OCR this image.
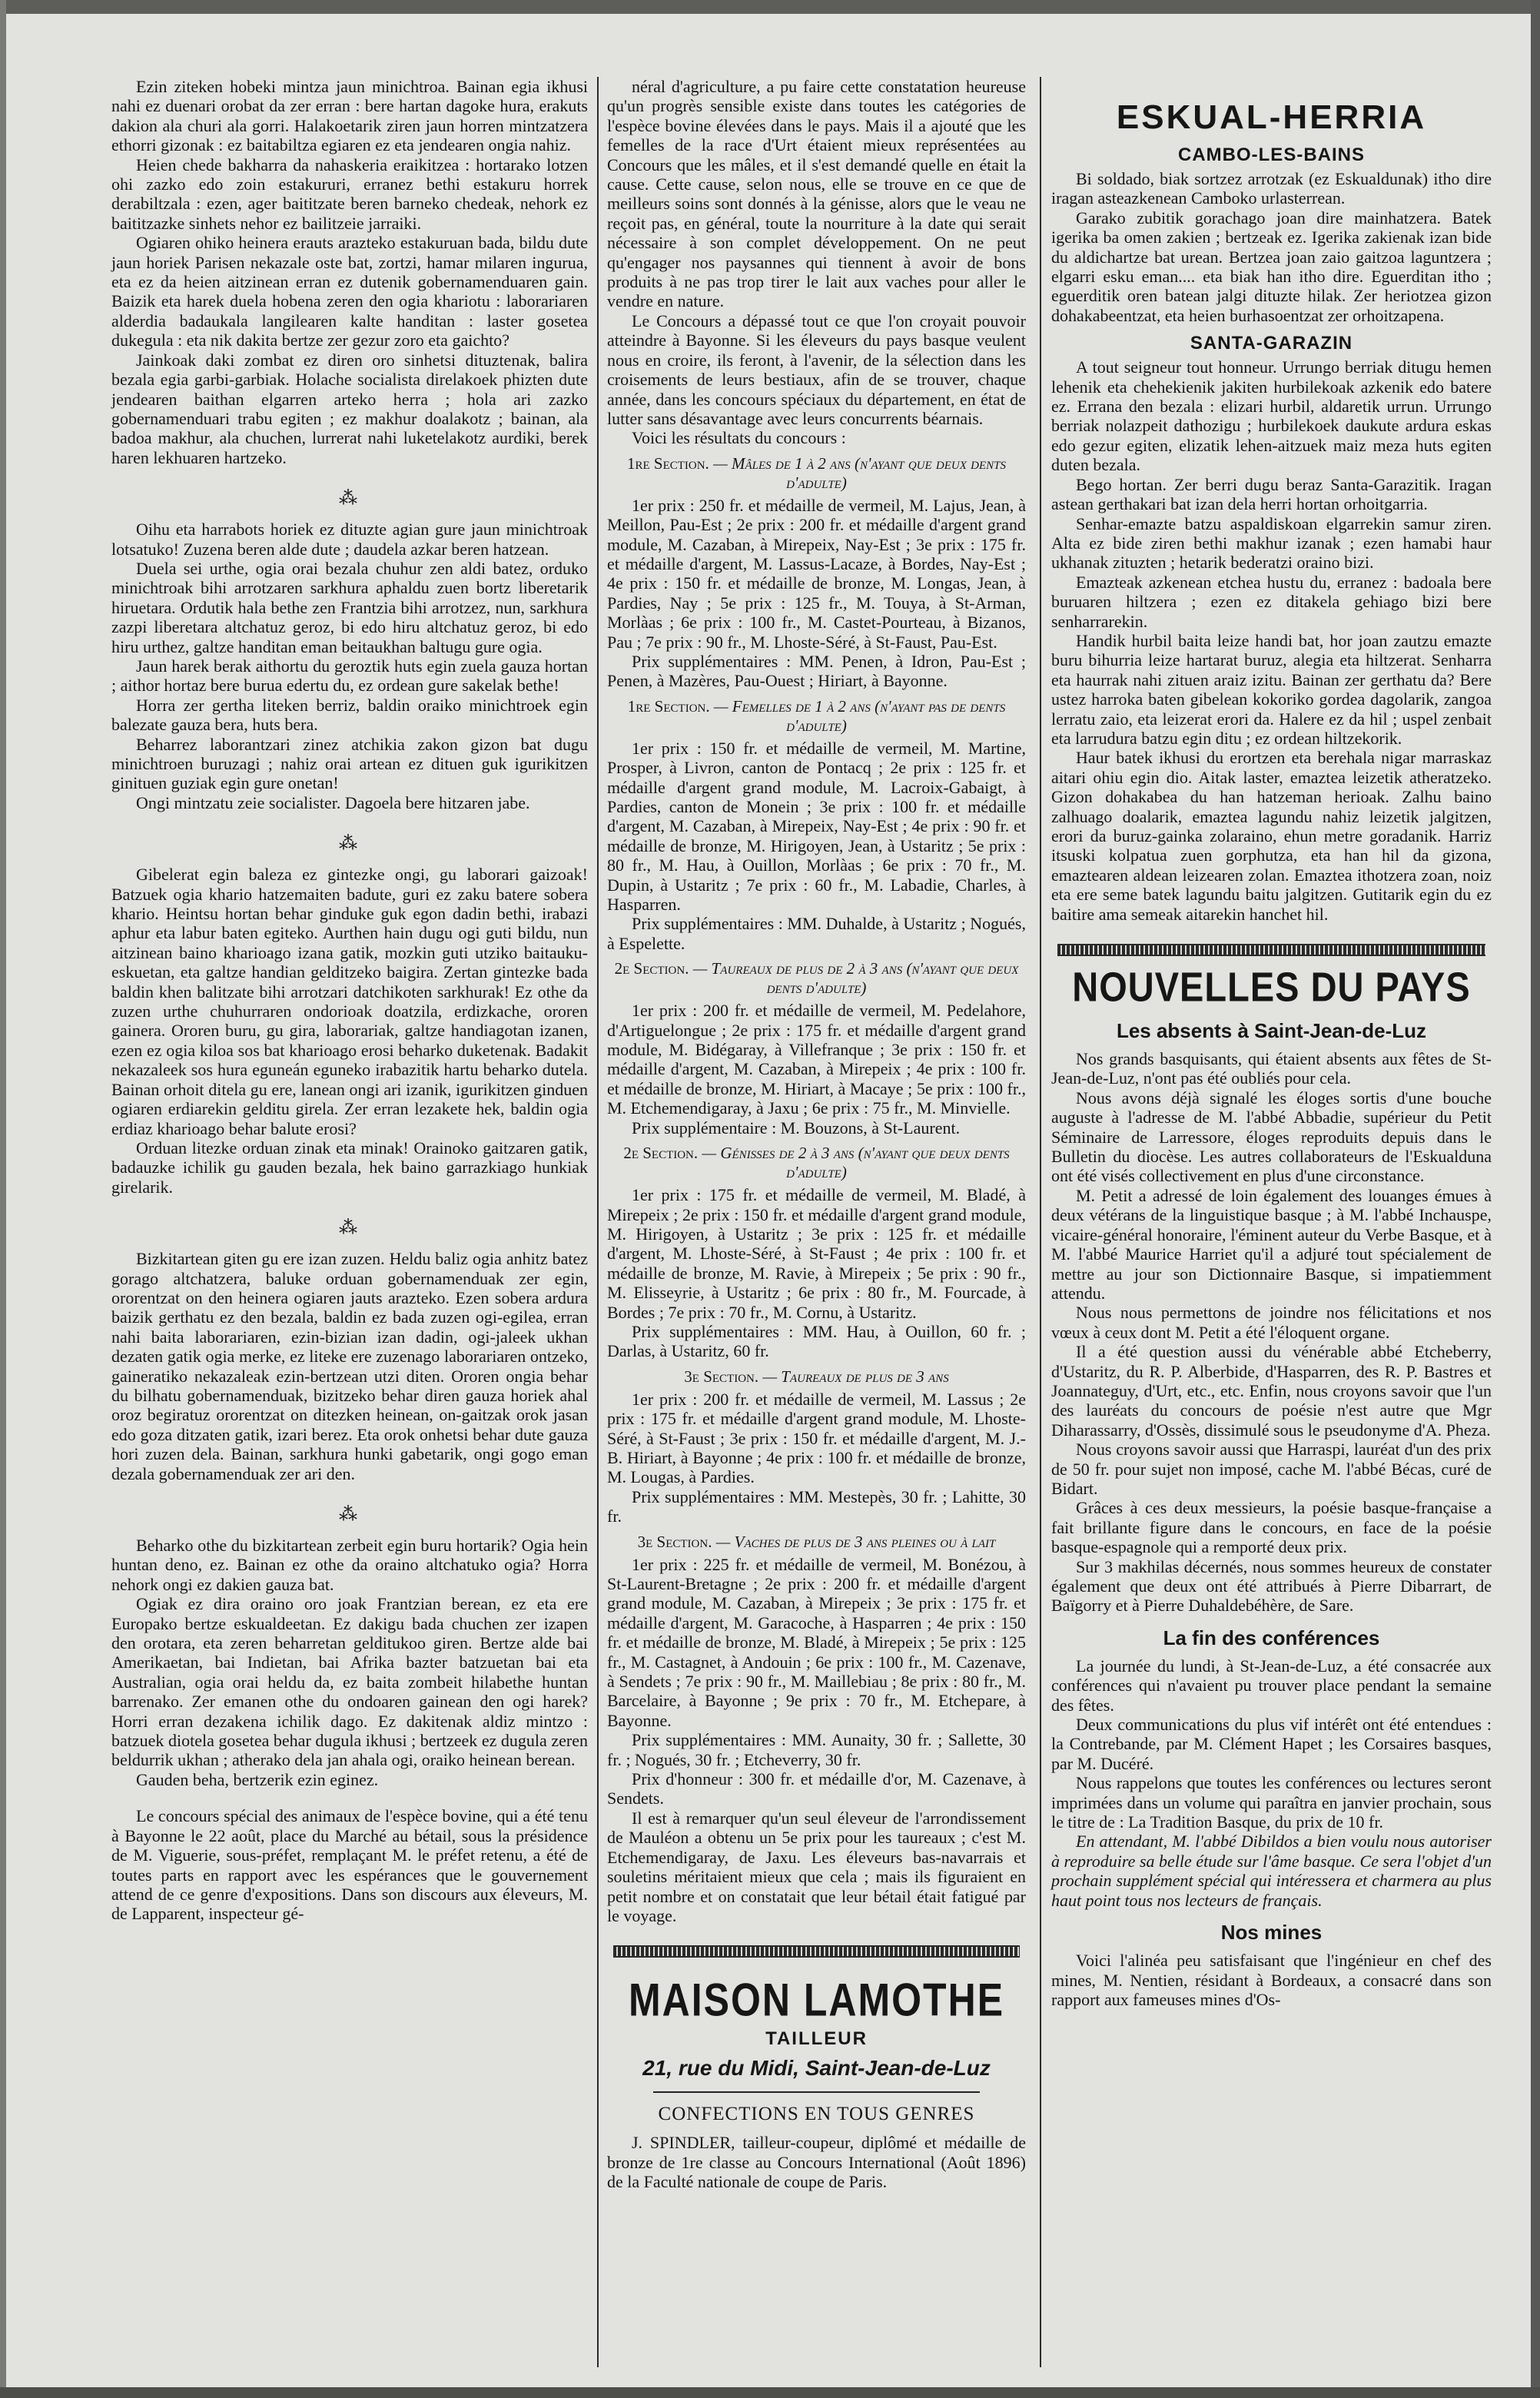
Ezin ziteken hobeki mintza jaun minichtroa. Bainan egia ikhusi nahi ez duenari orobat da zer erran : bere hartan dagoke hura, erakuts dakion ala churi ala gorri. Halakoetarik ziren jaun horren mintzatzera ethorri gizonak : ez baitabiltza egiaren ez eta jendearen ongia nahiz.

Heien chede bakharra da nahaskeria eraikitzea : hortarako lotzen ohi zazko edo zoin estakururi, erranez bethi estakuru horrek derabiltzala : ezen, ager baititzate beren barneko chedeak, nehork ez baititzazke sinhets nehor ez bailitzeie jarraiki.

Ogiaren ohiko heinera erauts arazteko estakuruan bada, bildu dute jaun horiek Parisen nekazale oste bat, zortzi, hamar milaren ingurua, eta ez da heien aitzinean erran ez dutenik gobernamenduaren gain. Baizik eta harek duela hobena zeren den ogia khariotu : laborariaren alderdia badaukala langilearen kalte handitan : laster gosetea dukegula : eta nik dakita bertze zer gezur zoro eta gaichto?

Jainkoak daki zombat ez diren oro sinhetsi dituztenak, balira bezala egia garbi-garbiak. Holache socialista direlakoek phizten dute jendearen baithan elgarren arteko herra ; hola ari zazko gobernamenduari trabu egiten ; ez makhur doalakotz ; bainan, ala badoa makhur, ala chuchen, lurrerat nahi luketelakotz aurdiki, berek haren lekhuaren hartzeko.

⁂

Oihu eta harrabots horiek ez dituzte agian gure jaun minichtroak lotsatuko! Zuzena beren alde dute ; daudela azkar beren hatzean.

Duela sei urthe, ogia orai bezala chuhur zen aldi batez, orduko minichtroak bihi arrotzaren sarkhura aphaldu zuen bortz liberetarik hiruetara. Ordutik hala bethe zen Frantzia bihi arrotzez, nun, sarkhura zazpi liberetara altchatuz geroz, bi edo hiru altchatuz geroz, bi edo hiru urthez, galtze handitan eman beitaukhan baltugu gure ogia.

Jaun harek berak aithortu du geroztik huts egin zuela gauza hortan ; aithor hortaz bere burua edertu du, ez ordean gure sakelak bethe!

Horra zer gertha liteken berriz, baldin oraiko minichtroek egin balezate gauza bera, huts bera.

Beharrez laborantzari zinez atchikia zakon gizon bat dugu minichtroen buruzagi ; nahiz orai artean ez dituen guk igurikitzen ginituen guziak egin gure onetan!

Ongi mintzatu zeie socialister. Dagoela bere hitzaren jabe.

⁂

Gibelerat egin baleza ez gintezke ongi, gu laborari gaizoak! Batzuek ogia khario hatzemaiten badute, guri ez zaku batere sobera khario. Heintsu hortan behar ginduke guk egon dadin bethi, irabazi aphur eta labur baten egiteko. Aurthen hain dugu ogi guti bildu, nun aitzinean baino kharioago izana gatik, mozkin guti utziko baitauku-eskuetan, eta galtze handian gelditzeko baigira. Zertan gintezke bada baldin khen balitzate bihi arrotzari datchikoten sarkhurak! Ez othe da zuzen urthe chuhurraren ondorioak doatzila, erdizkache, ororen gainera. Ororen buru, gu gira, laborariak, galtze handiagotan izanen, ezen ez ogia kiloa sos bat kharioago erosi beharko duketenak. Badakit nekazaleek sos hura eguneán eguneko irabazitik hartu beharko dutela. Bainan orhoit ditela gu ere, lanean ongi ari izanik, igurikitzen ginduen ogiaren erdiarekin gelditu girela. Zer erran lezakete hek, baldin ogia erdiaz kharioago behar balute erosi?

Orduan litezke orduan zinak eta minak! Orainoko gaitzaren gatik, badauzke ichilik gu gauden bezala, hek baino garrazkiago hunkiak girelarik.

⁂

Bizkitartean giten gu ere izan zuzen. Heldu baliz ogia anhitz batez gorago altchatzera, baluke orduan gobernamenduak zer egin, ororentzat on den heinera ogiaren jauts arazteko. Ezen sobera ardura baizik gerthatu ez den bezala, baldin ez bada zuzen ogi-egilea, erran nahi baita laborariaren, ezin-bizian izan dadin, ogi-jaleek ukhan dezaten gatik ogia merke, ez liteke ere zuzenago laborariaren ontzeko, gaineratiko nekazaleak ezin-bertzean utzi diten. Ororen ongia behar du bilhatu gobernamenduak, bizitzeko behar diren gauza horiek ahal oroz begiratuz ororentzat on ditezken heinean, on-gaitzak orok jasan edo goza ditzaten gatik, izari berez. Eta orok onhetsi behar dute gauza hori zuzen dela. Bainan, sarkhura hunki gabetarik, ongi gogo eman dezala gobernamenduak zer ari den.

⁂

Beharko othe du bizkitartean zerbeit egin buru hortarik? Ogia hein huntan deno, ez. Bainan ez othe da oraino altchatuko ogia? Horra nehork ongi ez dakien gauza bat.

Ogiak ez dira oraino oro joak Frantzian berean, ez eta ere Europako bertze eskualdeetan. Ez dakigu bada chuchen zer izapen den orotara, eta zeren beharretan gelditukoo giren. Bertze alde bai Amerikaetan, bai Indietan, bai Afrika bazter batzuetan bai eta Australian, ogia orai heldu da, ez baita zombeit hilabethe huntan barrenako. Zer emanen othe du ondoaren gainean den ogi harek? Horri erran dezakena ichilik dago. Ez dakitenak aldiz mintzo : batzuek diotela gosetea behar dugula ikhusi ; bertzeek ez dugula zeren beldurrik ukhan ; atherako dela jan ahala ogi, oraiko heinean berean.

Gauden beha, bertzerik ezin eginez.

Le concours spécial des animaux de l'espèce bovine, qui a été tenu à Bayonne le 22 août, place du Marché au bétail, sous la présidence de M. Viguerie, sous-préfet, remplaçant M. le préfet retenu, a été de toutes parts en rapport avec les espérances que le gouvernement attend de ce genre d'expositions. Dans son discours aux éleveurs, M. de Lapparent, inspecteur gé-

néral d'agriculture, a pu faire cette constatation heureuse qu'un progrès sensible existe dans toutes les catégories de l'espèce bovine élevées dans le pays. Mais il a ajouté que les femelles de la race d'Urt étaient mieux représentées au Concours que les mâles, et il s'est demandé quelle en était la cause. Cette cause, selon nous, elle se trouve en ce que de meilleurs soins sont donnés à la génisse, alors que le veau ne reçoit pas, en général, toute la nourriture à la date qui serait nécessaire à son complet développement. On ne peut qu'engager nos paysannes qui tiennent à avoir de bons produits à ne pas trop tirer le lait aux vaches pour aller le vendre en nature.

Le Concours a dépassé tout ce que l'on croyait pouvoir atteindre à Bayonne. Si les éleveurs du pays basque veulent nous en croire, ils feront, à l'avenir, de la sélection dans les croisements de leurs bestiaux, afin de se trouver, chaque année, dans les concours spéciaux du département, en état de lutter sans désavantage avec leurs concurrents béarnais.

Voici les résultats du concours :

1re Section. — Mâles de 1 à 2 ans (n'ayant que deux dents d'adulte)

1er prix : 250 fr. et médaille de vermeil, M. Lajus, Jean, à Meillon, Pau-Est ; 2e prix : 200 fr. et médaille d'argent grand module, M. Cazaban, à Mirepeix, Nay-Est ; 3e prix : 175 fr. et médaille d'argent, M. Lassus-Lacaze, à Bordes, Nay-Est ; 4e prix : 150 fr. et médaille de bronze, M. Longas, Jean, à Pardies, Nay ; 5e prix : 125 fr., M. Touya, à St-Arman, Morlàas ; 6e prix : 100 fr., M. Castet-Pourteau, à Bizanos, Pau ; 7e prix : 90 fr., M. Lhoste-Séré, à St-Faust, Pau-Est.

Prix supplémentaires : MM. Penen, à Idron, Pau-Est ; Penen, à Mazères, Pau-Ouest ; Hiriart, à Bayonne.

1re Section. — Femelles de 1 à 2 ans (n'ayant pas de dents d'adulte)

1er prix : 150 fr. et médaille de vermeil, M. Martine, Prosper, à Livron, canton de Pontacq ; 2e prix : 125 fr. et médaille d'argent grand module, M. Lacroix-Gabaigt, à Pardies, canton de Monein ; 3e prix : 100 fr. et médaille d'argent, M. Cazaban, à Mirepeix, Nay-Est ; 4e prix : 90 fr. et médaille de bronze, M. Hirigoyen, Jean, à Ustaritz ; 5e prix : 80 fr., M. Hau, à Ouillon, Morlàas ; 6e prix : 70 fr., M. Dupin, à Ustaritz ; 7e prix : 60 fr., M. Labadie, Charles, à Hasparren.

Prix supplémentaires : MM. Duhalde, à Ustaritz ; Nogués, à Espelette.

2e Section. — Taureaux de plus de 2 à 3 ans (n'ayant que deux dents d'adulte)

1er prix : 200 fr. et médaille de vermeil, M. Pedelahore, d'Artiguelongue ; 2e prix : 175 fr. et médaille d'argent grand module, M. Bidégaray, à Villefranque ; 3e prix : 150 fr. et médaille d'argent, M. Cazaban, à Mirepeix ; 4e prix : 100 fr. et médaille de bronze, M. Hiriart, à Macaye ; 5e prix : 100 fr., M. Etchemendigaray, à Jaxu ; 6e prix : 75 fr., M. Minvielle.

Prix supplémentaire : M. Bouzons, à St-Laurent.

2e Section. — Génisses de 2 à 3 ans (n'ayant que deux dents d'adulte)

1er prix : 175 fr. et médaille de vermeil, M. Bladé, à Mirepeix ; 2e prix : 150 fr. et médaille d'argent grand module, M. Hirigoyen, à Ustaritz ; 3e prix : 125 fr. et médaille d'argent, M. Lhoste-Séré, à St-Faust ; 4e prix : 100 fr. et médaille de bronze, M. Ravie, à Mirepeix ; 5e prix : 90 fr., M. Elisseyrie, à Ustaritz ; 6e prix : 80 fr., M. Fourcade, à Bordes ; 7e prix : 70 fr., M. Cornu, à Ustaritz.

Prix supplémentaires : MM. Hau, à Ouillon, 60 fr. ; Darlas, à Ustaritz, 60 fr.

3e Section. — Taureaux de plus de 3 ans

1er prix : 200 fr. et médaille de vermeil, M. Lassus ; 2e prix : 175 fr. et médaille d'argent grand module, M. Lhoste-Séré, à St-Faust ; 3e prix : 150 fr. et médaille d'argent, M. J.-B. Hiriart, à Bayonne ; 4e prix : 100 fr. et médaille de bronze, M. Lougas, à Pardies.

Prix supplémentaires : MM. Mestepès, 30 fr. ; Lahitte, 30 fr.

3e Section. — Vaches de plus de 3 ans pleines ou à lait

1er prix : 225 fr. et médaille de vermeil, M. Bonézou, à St-Laurent-Bretagne ; 2e prix : 200 fr. et médaille d'argent grand module, M. Cazaban, à Mirepeix ; 3e prix : 175 fr. et médaille d'argent, M. Garacoche, à Hasparren ; 4e prix : 150 fr. et médaille de bronze, M. Bladé, à Mirepeix ; 5e prix : 125 fr., M. Castagnet, à Andouin ; 6e prix : 100 fr., M. Cazenave, à Sendets ; 7e prix : 90 fr., M. Maillebiau ; 8e prix : 80 fr., M. Barcelaire, à Bayonne ; 9e prix : 70 fr., M. Etchepare, à Bayonne.

Prix supplémentaires : MM. Aunaity, 30 fr. ; Sallette, 30 fr. ; Nogués, 30 fr. ; Etcheverry, 30 fr.

Prix d'honneur : 300 fr. et médaille d'or, M. Cazenave, à Sendets.

Il est à remarquer qu'un seul éleveur de l'arrondissement de Mauléon a obtenu un 5e prix pour les taureaux ; c'est M. Etchemendigaray, de Jaxu. Les éleveurs bas-navarrais et souletins méritaient mieux que cela ; mais ils figuraient en petit nombre et on constatait que leur bétail était fatigué par le voyage.

MAISON LAMOTHE
TAILLEUR
21, rue du Midi, Saint-Jean-de-Luz
CONFECTIONS EN TOUS GENRES

J. SPINDLER, tailleur-coupeur, diplômé et médaille de bronze de 1re classe au Concours International (Août 1896) de la Faculté nationale de coupe de Paris.

ESKUAL-HERRIA
CAMBO-LES-BAINS

Bi soldado, biak sortzez arrotzak (ez Eskualdunak) itho dire iragan asteazkenean Camboko urlasterrean.

Garako zubitik gorachago joan dire mainhatzera. Batek igerika ba omen zakien ; bertzeak ez. Igerika zakienak izan bide du aldichartze bat urean. Bertzea joan zaio gaitzoa laguntzera ; elgarri esku eman.... eta biak han itho dire. Eguerditan itho ; eguerditik oren batean jalgi dituzte hilak. Zer heriotzea gizon dohakabeentzat, eta heien burhasoentzat zer orhoitzapena.

SANTA-GARAZIN

A tout seigneur tout honneur. Urrungo berriak ditugu hemen lehenik eta chehekienik jakiten hurbilekoak azkenik edo batere ez. Errana den bezala : elizari hurbil, aldaretik urrun. Urrungo berriak nolazpeit dathozigu ; hurbilekoek daukute ardura eskas edo gezur egiten, elizatik lehen-aitzuek maiz meza huts egiten duten bezala.

Bego hortan. Zer berri dugu beraz Santa-Garazitik. Iragan astean gerthakari bat izan dela herri hortan orhoitgarria.

Senhar-emazte batzu aspaldiskoan elgarrekin samur ziren. Alta ez bide ziren bethi makhur izanak ; ezen hamabi haur ukhanak zituzten ; hetarik bederatzi oraino bizi.

Emazteak azkenean etchea hustu du, erranez : badoala bere buruaren hiltzera ; ezen ez ditakela gehiago bizi bere senharrarekin.

Handik hurbil baita leize handi bat, hor joan zautzu emazte buru bihurria leize hartarat buruz, alegia eta hiltzerat. Senharra eta haurrak nahi zituen araiz izitu. Bainan zer gerthatu da? Bere ustez harroka baten gibelean kokoriko gordea dagolarik, zangoa lerratu zaio, eta leizerat erori da. Halere ez da hil ; uspel zenbait eta larrudura batzu egin ditu ; ez ordean hiltzekorik.

Haur batek ikhusi du erortzen eta berehala nigar marraskaz aitari ohiu egin dio. Aitak laster, emaztea leizetik atheratzeko. Gizon dohakabea du han hatzeman herioak. Zalhu baino zalhuago doalarik, emaztea lagundu nahiz leizetik jalgitzen, erori da buruz-gainka zolaraino, ehun metre goradanik. Harriz itsuski kolpatua zuen gorphutza, eta han hil da gizona, emaztearen aldean leizearen zolan. Emaztea ithotzera zoan, noiz eta ere seme batek lagundu baitu jalgitzen. Gutitarik egin du ez baitire ama semeak aitarekin hanchet hil.

NOUVELLES DU PAYS
Les absents à Saint-Jean-de-Luz

Nos grands basquisants, qui étaient absents aux fêtes de St-Jean-de-Luz, n'ont pas été oubliés pour cela.

Nous avons déjà signalé les éloges sortis d'une bouche auguste à l'adresse de M. l'abbé Abbadie, supérieur du Petit Séminaire de Larressore, éloges reproduits depuis dans le Bulletin du diocèse. Les autres collaborateurs de l'Eskualduna ont été visés collectivement en plus d'une circonstance.

M. Petit a adressé de loin également des louanges émues à deux vétérans de la linguistique basque ; à M. l'abbé Inchauspe, vicaire-général honoraire, l'éminent auteur du Verbe Basque, et à M. l'abbé Maurice Harriet qu'il a adjuré tout spécialement de mettre au jour son Dictionnaire Basque, si impatiemment attendu.

Nous nous permettons de joindre nos félicitations et nos vœux à ceux dont M. Petit a été l'éloquent organe.

Il a été question aussi du vénérable abbé Etcheberry, d'Ustaritz, du R. P. Alberbide, d'Hasparren, des R. P. Bastres et Joannateguy, d'Urt, etc., etc. Enfin, nous croyons savoir que l'un des lauréats du concours de poésie n'est autre que Mgr Diharassarry, d'Ossès, dissimulé sous le pseudonyme d'A. Pheza.

Nous croyons savoir aussi que Harraspi, lauréat d'un des prix de 50 fr. pour sujet non imposé, cache M. l'abbé Bécas, curé de Bidart.

Grâces à ces deux messieurs, la poésie basque-française a fait brillante figure dans le concours, en face de la poésie basque-espagnole qui a remporté deux prix.

Sur 3 makhilas décernés, nous sommes heureux de constater également que deux ont été attribués à Pierre Dibarrart, de Baïgorry et à Pierre Duhaldebéhère, de Sare.

La fin des conférences

La journée du lundi, à St-Jean-de-Luz, a été consacrée aux conférences qui n'avaient pu trouver place pendant la semaine des fêtes.

Deux communications du plus vif intérêt ont été entendues : la Contrebande, par M. Clément Hapet ; les Corsaires basques, par M. Ducéré.

Nous rappelons que toutes les conférences ou lectures seront imprimées dans un volume qui paraîtra en janvier prochain, sous le titre de : La Tradition Basque, du prix de 10 fr.

En attendant, M. l'abbé Dibildos a bien voulu nous autoriser à reproduire sa belle étude sur l'âme basque. Ce sera l'objet d'un prochain supplément spécial qui intéressera et charmera au plus haut point tous nos lecteurs de français.

Nos mines

Voici l'alinéa peu satisfaisant que l'ingénieur en chef des mines, M. Nentien, résidant à Bordeaux, a consacré dans son rapport aux fameuses mines d'Os-
